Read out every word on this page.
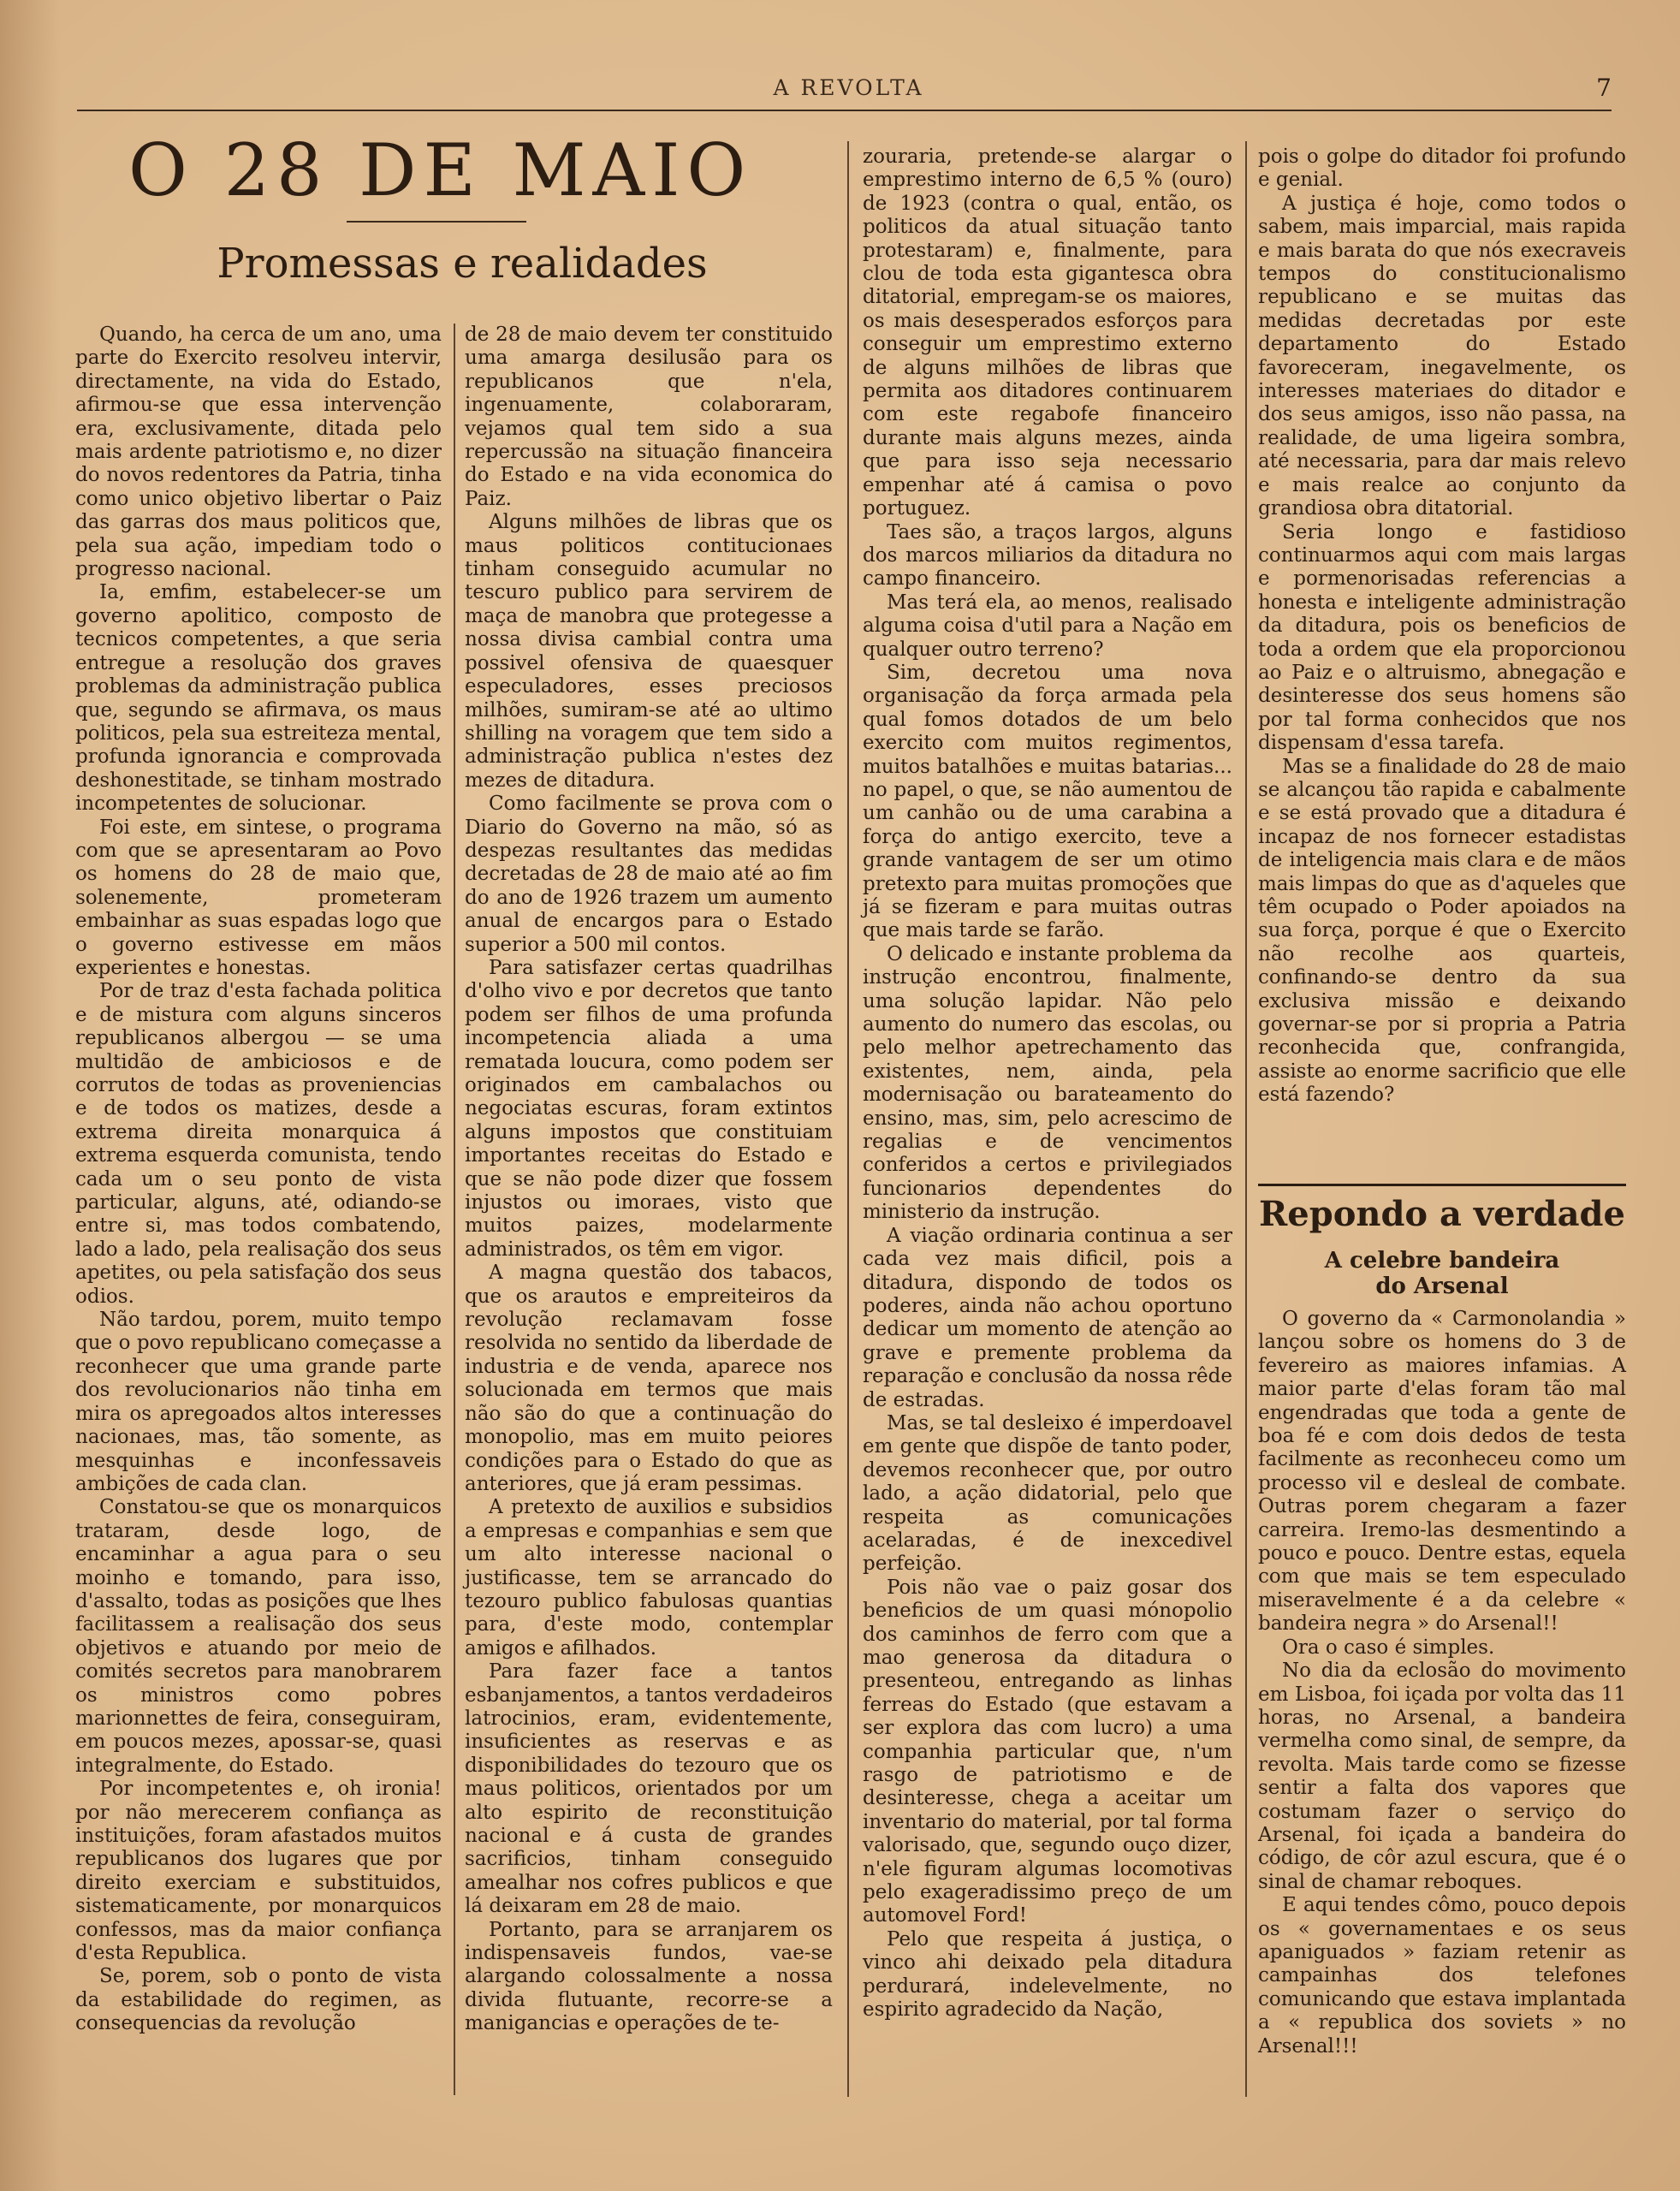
A REVOLTA	7
O 28 DE MAIO
Promessas e realidades

Quando, ha cerca de um ano, uma parte do Exercito resolveu intervir, directamente, na vida do Estado, afirmou-se que essa intervenção era, exclusivamente, ditada pelo mais ardente patriotismo e, no dizer do novos redentores da Patria, tinha como unico objetivo libertar o Paiz das garras dos maus politicos que, pela sua ação, impediam todo o progresso nacional.

Ia, emfim, estabelecer-se um governo apolitico, composto de tecnicos competentes, a que seria entregue a resolução dos graves problemas da administração publica que, segundo se afirmava, os maus politicos, pela sua estreiteza mental, profunda ignorancia e comprovada deshonestitade, se tinham mostrado incompetentes de solucionar.

Foi este, em sintese, o programa com que se apresentaram ao Povo os homens do 28 de maio que, solenemente, prometeram embainhar as suas espadas logo que o governo estivesse em mãos experientes e honestas.

Por de traz d'esta fachada politica e de mistura com alguns sinceros republicanos albergou — se uma multidão de ambiciosos e de corrutos de todas as proveniencias e de todos os matizes, desde a extrema direita monarquica á extrema esquerda comunista, tendo cada um o seu ponto de vista particular, alguns, até, odiando-se entre si, mas todos combatendo, lado a lado, pela realisação dos seus apetites, ou pela satisfação dos seus odios.

Não tardou, porem, muito tempo que o povo republicano começasse a reconhecer que uma grande parte dos revolucionarios não tinha em mira os apregoados altos interesses nacionaes, mas, tão somente, as mesquinhas e inconfessaveis ambições de cada clan.

Constatou-se que os monarquicos trataram, desde logo, de encaminhar a agua para o seu moinho e tomando, para isso, d'assalto, todas as posições que lhes facilitassem a realisação dos seus objetivos e atuando por meio de comités secretos para manobrarem os ministros como pobres marionnettes de feira, conseguiram, em poucos mezes, apossar-se, quasi integralmente, do Estado.

Por incompetentes e, oh ironia! por não merecerem confiança as instituições, foram afastados muitos republicanos dos lugares que por direito exerciam e substituidos, sistematicamente, por monarquicos confessos, mas da maior confiança d'esta Republica.

Se, porem, sob o ponto de vista da estabilidade do regimen, as consequencias da revolução

de 28 de maio devem ter constituido uma amarga desilusão para os republicanos que n'ela, ingenuamente, colaboraram, vejamos qual tem sido a sua repercussão na situação financeira do Estado e na vida economica do Paiz.

Alguns milhões de libras que os maus politicos contitucionaes tinham conseguido acumular no tescuro publico para servirem de maça de manobra que protegesse a nossa divisa cambial contra uma possivel ofensiva de quaesquer especuladores, esses preciosos milhões, sumiram-se até ao ultimo shilling na voragem que tem sido a administração publica n'estes dez mezes de ditadura.

Como facilmente se prova com o Diario do Governo na mão, só as despezas resultantes das medidas decretadas de 28 de maio até ao fim do ano de 1926 trazem um aumento anual de encargos para o Estado superior a 500 mil contos.

Para satisfazer certas quadrilhas d'olho vivo e por decretos que tanto podem ser filhos de uma profunda incompetencia aliada a uma rematada loucura, como podem ser originados em cambalachos ou negociatas escuras, foram extintos alguns impostos que constituiam importantes receitas do Estado e que se não pode dizer que fossem injustos ou imoraes, visto que muitos paizes, modelarmente administrados, os têm em vigor.

A magna questão dos tabacos, que os arautos e empreiteiros da revolução reclamavam fosse resolvida no sentido da liberdade de industria e de venda, aparece nos solucionada em termos que mais não são do que a continuação do monopolio, mas em muito peiores condições para o Estado do que as anteriores, que já eram pessimas.

A pretexto de auxilios e subsidios a empresas e companhias e sem que um alto interesse nacional o justificasse, tem se arrancado do tezouro publico fabulosas quantias para, d'este modo, contemplar amigos e afilhados.

Para fazer face a tantos esbanjamentos, a tantos verdadeiros latrocinios, eram, evidentemente, insuficientes as reservas e as disponibilidades do tezouro que os maus politicos, orientados por um alto espirito de reconstituição nacional e á custa de grandes sacrificios, tinham conseguido amealhar nos cofres publicos e que lá deixaram em 28 de maio.

Portanto, para se arranjarem os indispensaveis fundos, vae-se alargando colossalmente a nossa divida flutuante, recorre-se a manigancias e operações de te-

zouraria, pretende-se alargar o emprestimo interno de 6,5 % (ouro) de 1923 (contra o qual, então, os politicos da atual situação tanto protestaram) e, finalmente, para clou de toda esta gigantesca obra ditatorial, empregam-se os maiores, os mais desesperados esforços para conseguir um emprestimo externo de alguns milhões de libras que permita aos ditadores continuarem com este regabofe financeiro durante mais alguns mezes, ainda que para isso seja necessario empenhar até á camisa o povo portuguez.

Taes são, a traços largos, alguns dos marcos miliarios da ditadura no campo financeiro.

Mas terá ela, ao menos, realisado alguma coisa d'util para a Nação em qualquer outro terreno?

Sim, decretou uma nova organisação da força armada pela qual fomos dotados de um belo exercito com muitos regimentos, muitos batalhões e muitas batarias... no papel, o que, se não aumentou de um canhão ou de uma carabina a força do antigo exercito, teve a grande vantagem de ser um otimo pretexto para muitas promoções que já se fizeram e para muitas outras que mais tarde se farão.

O delicado e instante problema da instrução encontrou, finalmente, uma solução lapidar. Não pelo aumento do numero das escolas, ou pelo melhor apetrechamento das existentes, nem, ainda, pela modernisação ou barateamento do ensino, mas, sim, pelo acrescimo de regalias e de vencimentos conferidos a certos e privilegiados funcionarios dependentes do ministerio da instrução.

A viação ordinaria continua a ser cada vez mais dificil, pois a ditadura, dispondo de todos os poderes, ainda não achou oportuno dedicar um momento de atenção ao grave e premente problema da reparação e conclusão da nossa rêde de estradas.

Mas, se tal desleixo é imperdoavel em gente que dispõe de tanto poder, devemos reconhecer que, por outro lado, a ação didatorial, pelo que respeita as comunicações acelaradas, é de inexcedivel perfeição.

Pois não vae o paiz gosar dos beneficios de um quasi mónopolio dos caminhos de ferro com que a mao generosa da ditadura o presenteou, entregando as linhas ferreas do Estado (que estavam a ser explora das com lucro) a uma companhia particular que, n'um rasgo de patriotismo e de desinteresse, chega a aceitar um inventario do material, por tal forma valorisado, que, segundo ouço dizer, n'ele figuram algumas locomotivas pelo exageradissimo preço de um automovel Ford!

Pelo que respeita á justiça, o vinco ahi deixado pela ditadura perdurará, indelevelmente, no espirito agradecido da Nação,

pois o golpe do ditador foi profundo e genial.

A justiça é hoje, como todos o sabem, mais imparcial, mais rapida e mais barata do que nós execraveis tempos do constitucionalismo republicano e se muitas das medidas decretadas por este departamento do Estado favoreceram, inegavelmente, os interesses materiaes do ditador e dos seus amigos, isso não passa, na realidade, de uma ligeira sombra, até necessaria, para dar mais relevo e mais realce ao conjunto da grandiosa obra ditatorial.

Seria longo e fastidioso continuarmos aqui com mais largas e pormenorisadas referencias a honesta e inteligente administração da ditadura, pois os beneficios de toda a ordem que ela proporcionou ao Paiz e o altruismo, abnegação e desinteresse dos seus homens são por tal forma conhecidos que nos dispensam d'essa tarefa.

Mas se a finalidade do 28 de maio se alcançou tão rapida e cabalmente e se está provado que a ditadura é incapaz de nos fornecer estadistas de inteligencia mais clara e de mãos mais limpas do que as d'aqueles que têm ocupado o Poder apoiados na sua força, porque é que o Exercito não recolhe aos quarteis, confinando-se dentro da sua exclusiva missão e deixando governar-se por si propria a Patria reconhecida que, confrangida, assiste ao enorme sacrificio que elle está fazendo?

Repondo a verdade
A celebre bandeira
do Arsenal

O governo da « Carmonolandia » lançou sobre os homens do 3 de fevereiro as maiores infamias. A maior parte d'elas foram tão mal engendradas que toda a gente de boa fé e com dois dedos de testa facilmente as reconheceu como um processo vil e desleal de combate. Outras porem chegaram a fazer carreira. Iremo-las desmentindo a pouco e pouco. Dentre estas, equela com que mais se tem especulado miseravelmente é a da celebre « bandeira negra » do Arsenal!!

Ora o caso é simples.

No dia da eclosão do movimento em Lisboa, foi içada por volta das 11 horas, no Arsenal, a bandeira vermelha como sinal, de sempre, da revolta. Mais tarde como se fizesse sentir a falta dos vapores que costumam fazer o serviço do Arsenal, foi içada a bandeira do código, de côr azul escura, que é o sinal de chamar reboques.

E aqui tendes cômo, pouco depois os « governamentaes e os seus apaniguados » faziam retenir as campainhas dos telefones comunicando que estava implantada a « republica dos soviets » no Arsenal!!!
